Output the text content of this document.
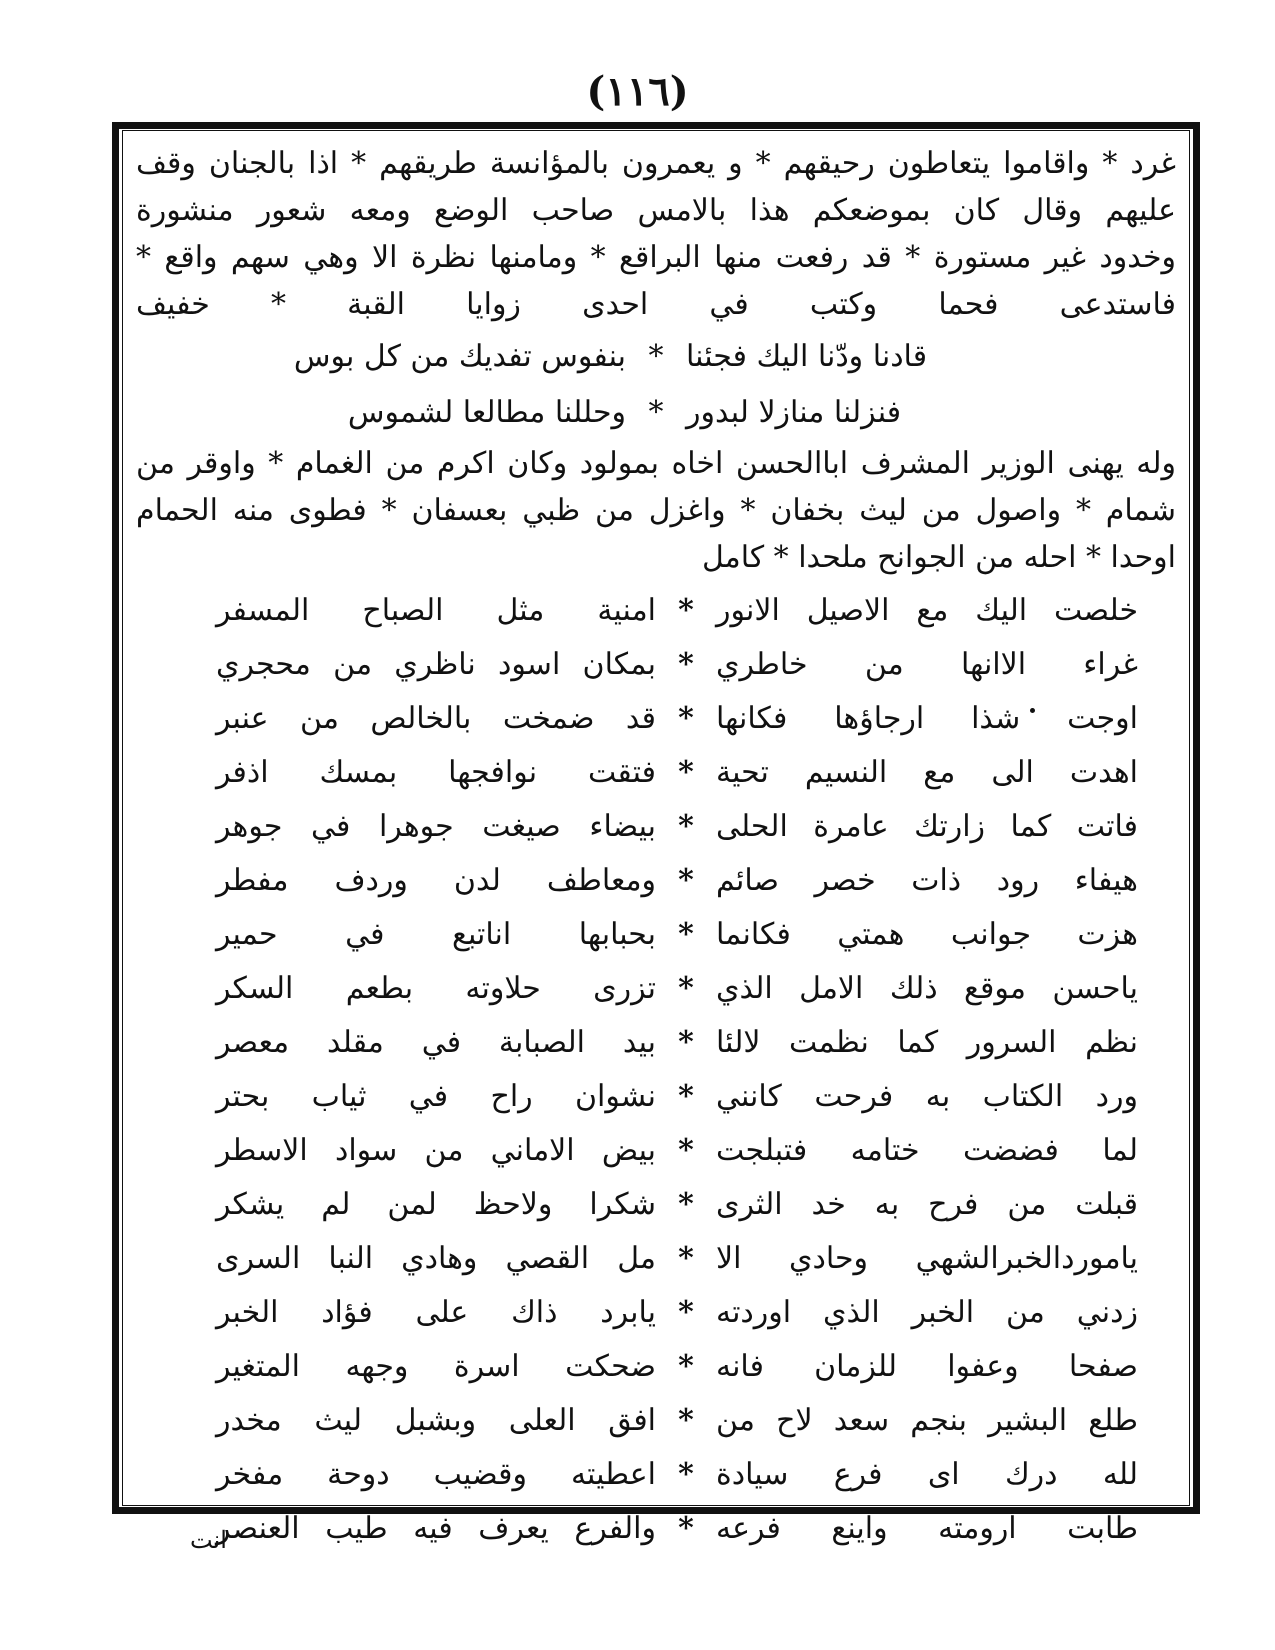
(١١٦)
غرد * واقاموا يتعاطون رحيقهم * و يعمرون بالمؤانسة طريقهم * اذا بالجنان وقف
عليهم وقال كان بموضعكم هذا بالامس صاحب الوضع ومعه شعور منشورة
وخدود غير مستورة * قد رفعت منها البراقع * ومامنها نظرة الا وهي سهم واقع *
فاستدعى فحما وكتب في احدى زوايا القبة * خفيف
قادنا ودّنا اليك فجئنا
*
بنفوس تفديك من كل بوس
فنزلنا منازلا لبدور
*
وحللنا مطالعا لشموس
وله يهنى الوزير المشرف اباالحسن اخاه بمولود وكان اكرم من الغمام * واوقر من
شمام * واصول من ليث بخفان * واغزل من ظبي بعسفان * فطوى منه الحمام
اوحدا * احله من الجوانح ملحدا * كامل
خلصت اليك مع الاصيل الانور
*
امنية مثل الصباح المسفر
غراء الاانها من خاطري
*
بمكان اسود ناظري من محجري
اوجت شذا ارجاؤها فكانها
*
قد ضمخت بالخالص من عنبر
اهدت الى مع النسيم تحية
*
فتقت نوافجها بمسك اذفر
فاتت كما زارتك عامرة الحلى
*
بيضاء صيغت جوهرا في جوهر
هيفاء رود ذات خصر صائم
*
ومعاطف لدن وردف مفطر
هزت جوانب همتي فكانما
*
بحبابها اناتبع في حمير
ياحسن موقع ذلك الامل الذي
*
تزرى حلاوته بطعم السكر
نظم السرور كما نظمت لالئا
*
بيد الصبابة في مقلد معصر
ورد الكتاب به فرحت كانني
*
نشوان راح في ثياب بحتر
لما فضضت ختامه فتبلجت
*
بيض الاماني من سواد الاسطر
قبلت من فرح به خد الثرى
*
شكرا ولاحظ لمن لم يشكر
ياموردالخبرالشهي وحادي الا
*
مل القصي وهادي النبا السرى
زدني من الخبر الذي اوردته
*
يابرد ذاك على فؤاد الخبر
صفحا وعفوا للزمان فانه
*
ضحكت اسرة وجهه المتغير
طلع البشير بنجم سعد لاح من
*
افق العلى وبشبل ليث مخدر
لله درك اى فرع سيادة
*
اعطيته وقضيب دوحة مفخر
طابت ارومته واينع فرعه
*
والفرع يعرف فيه طيب العنصر
انت
